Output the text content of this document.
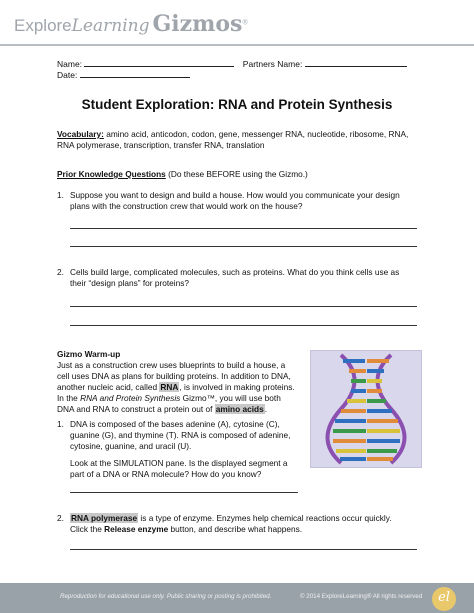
ExploreLearning Gizmos®
Name:	Partners Name:
Date:
Student Exploration: RNA and Protein Synthesis
Vocabulary: amino acid, anticodon, codon, gene, messenger RNA, nucleotide, ribosome, RNA,
RNA polymerase, transcription, transfer RNA, translation
Prior Knowledge Questions (Do these BEFORE using the Gizmo.)
1. Suppose you want to design and build a house. How would you communicate your design
plans with the construction crew that would work on the house?
2. Cells build large, complicated molecules, such as proteins. What do you think cells use as
their “design plans” for proteins?
Gizmo Warm-up
Just as a construction crew uses blueprints to build a house, a
cell uses DNA as plans for building proteins. In addition to DNA,
another nucleic acid, called RNA, is involved in making proteins.
In the RNA and Protein Synthesis Gizmo™, you will use both
DNA and RNA to construct a protein out of amino acids.
1. DNA is composed of the bases adenine (A), cytosine (C),
guanine (G), and thymine (T). RNA is composed of adenine,
cytosine, guanine, and uracil (U).
Look at the SIMULATION pane. Is the displayed segment a
part of a DNA or RNA molecule? How do you know?
2. RNA polymerase is a type of enzyme. Enzymes help chemical reactions occur quickly.
Click the Release enzyme button, and describe what happens.
Reproduction for educational use only. Public sharing or posting is prohibited.	© 2014 ExploreLearning® All rights reserved	el
